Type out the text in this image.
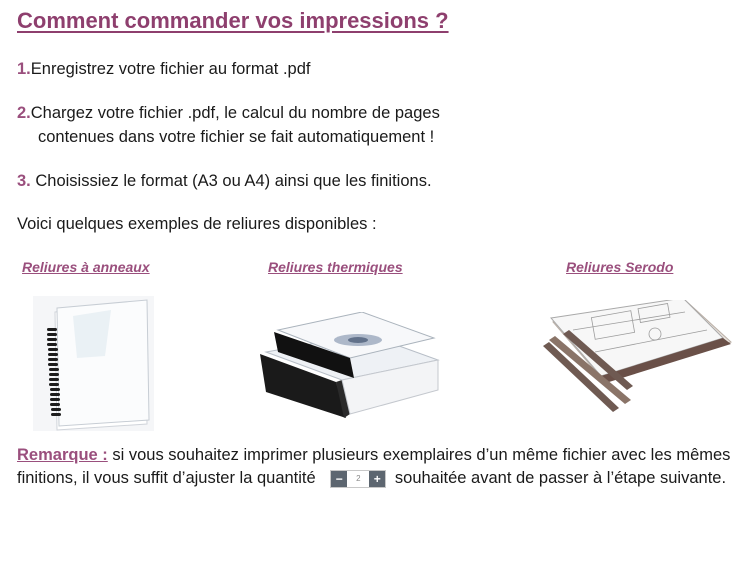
Comment commander vos impressions ?
1.Enregistrez votre fichier au format .pdf
2.Chargez votre fichier .pdf, le calcul du nombre de pages
contenues dans votre fichier se fait automatiquement !
3. Choisissiez le format (A3 ou A4) ainsi que les finitions.
Voici quelques exemples de reliures disponibles :
Reliures à anneaux	Reliures thermiques	Reliures Serodo
Remarque : si vous souhaitez imprimer plusieurs exemplaires d’un même fichier avec les mêmes finitions, il vous suffit d’ajuster la quantité	−	2	+ souhaitée avant de passer à l’étape suivante.
